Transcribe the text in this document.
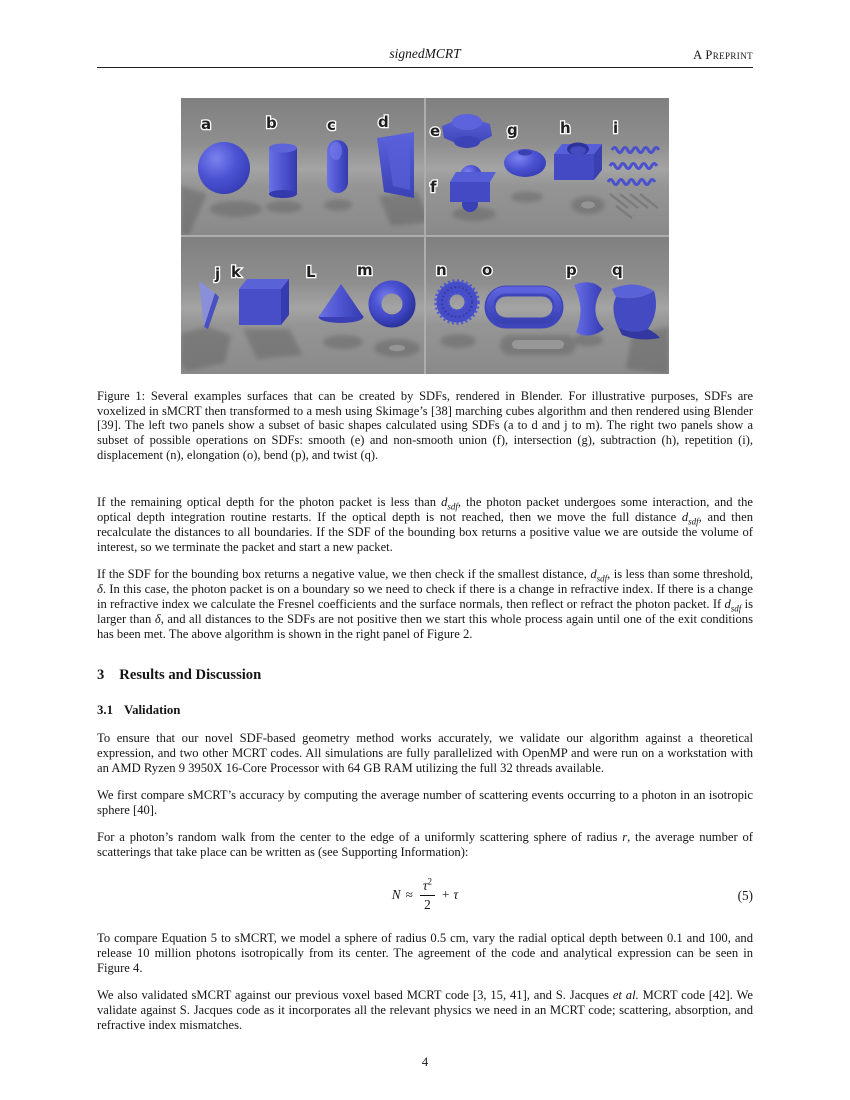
signedMCRT	A Preprint
a	b	c	d	e
f
g	h	i
j k	L	m	n o	p q

Figure 1: Several examples surfaces that can be created by SDFs, rendered in Blender. For illustrative purposes, SDFs are voxelized in sMCRT then transformed to a mesh using Skimage’s [38] marching cubes algorithm and then rendered using Blender [39]. The left two panels show a subset of basic shapes calculated using SDFs (a to d and j to m). The right two panels show a subset of possible operations on SDFs: smooth (e) and non-smooth union (f), intersection (g), subtraction (h), repetition (i), displacement (n), elongation (o), bend (p), and twist (q).

If the remaining optical depth for the photon packet is less than $d_{sdf}$, the photon packet undergoes some interaction, and the optical depth integration routine restarts. If the optical depth is not reached, then we move the full distance $d_{sdf}$, and then recalculate the distances to all boundaries. If the SDF of the bounding box returns a positive value we are outside the volume of interest, so we terminate the packet and start a new packet.

If the SDF for the bounding box returns a negative value, we then check if the smallest distance, $d_{sdf}$, is less than some threshold, δ. In this case, the photon packet is on a boundary so we need to check if there is a change in refractive index. If there is a change in refractive index we calculate the Fresnel coefficients and the surface normals, then reflect or refract the photon packet. If $d_{sdf}$ is larger than δ, and all distances to the SDFs are not positive then we start this whole process again until one of the exit conditions has been met. The above algorithm is shown in the right panel of Figure 2.

3 Results and Discussion
3.1 Validation

To ensure that our novel SDF-based geometry method works accurately, we validate our algorithm against a theoretical expression, and two other MCRT codes. All simulations are fully parallelized with OpenMP and were run on a workstation with an AMD Ryzen 9 3950X 16-Core Processor with 64 GB RAM utilizing the full 32 threads available.

We first compare sMCRT’s accuracy by computing the average number of scattering events occurring to a photon in an isotropic sphere [40].

For a photon’s random walk from the center to the edge of a uniformly scattering sphere of radius r, the average number of scatterings that take place can be written as (see Supporting Information):

$N \approx \frac{\tau^2}{2} + \tau$	(5)

To compare Equation 5 to sMCRT, we model a sphere of radius 0.5 cm, vary the radial optical depth between 0.1 and 100, and release 10 million photons isotropically from its center. The agreement of the code and analytical expression can be seen in Figure 4.

We also validated sMCRT against our previous voxel based MCRT code [3, 15, 41], and S. Jacques et al. MCRT code [42]. We validate against S. Jacques code as it incorporates all the relevant physics we need in an MCRT code; scattering, absorption, and refractive index mismatches.

4
